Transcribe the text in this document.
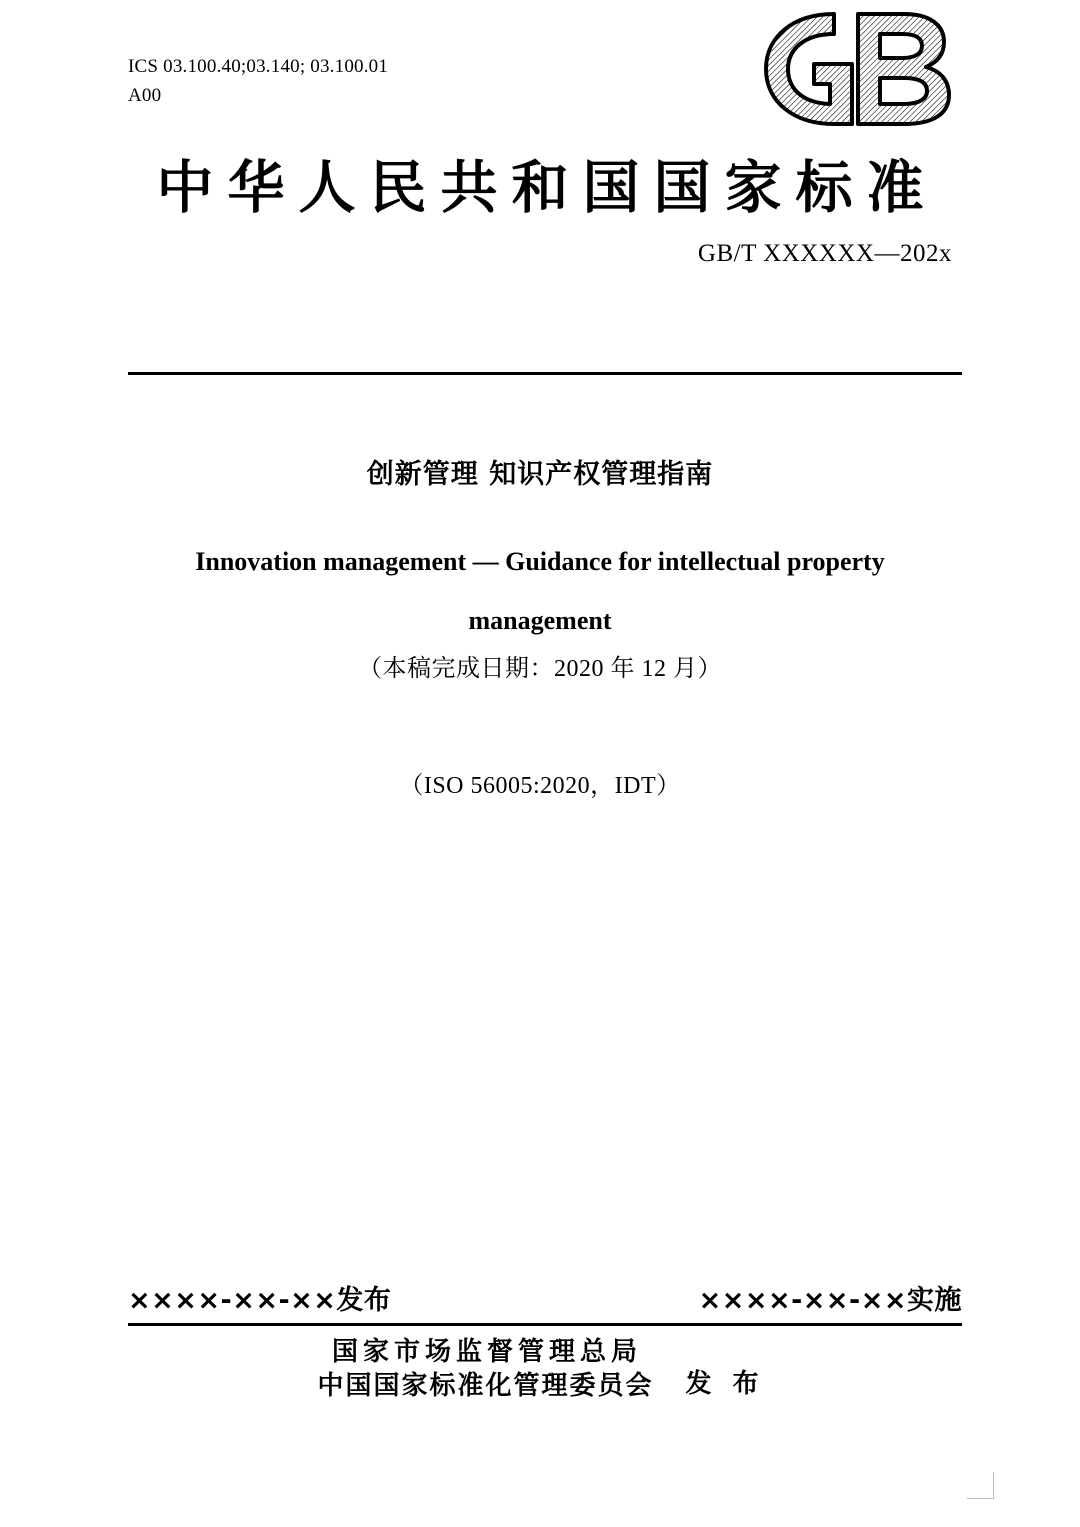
ICS 03.100.40;03.140; 03.100.01
A00
中华人民共和国国家标准
GB/T XXXXXX—202x
创新管理 知识产权管理指南
Innovation management — Guidance for intellectual property management
（本稿完成日期：2020 年 12 月）
（ISO 56005:2020，IDT）
××××-××-××发布	××××-××-××实施
国家市场监督管理总局
中国国家标准化管理委员会 发 布
